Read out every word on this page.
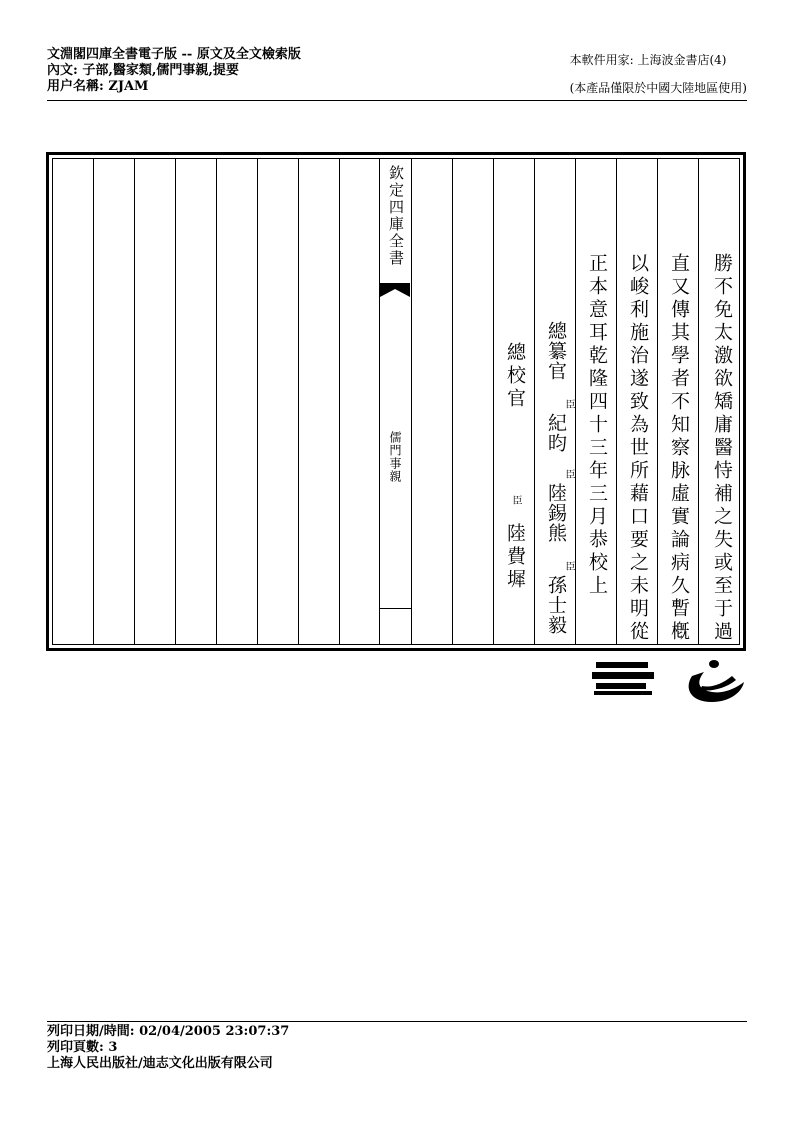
文淵閣四庫全書電子版 -- 原文及全文檢索版
內文: 子部,醫家類,儒門事親,提要
用户名稱: ZJAM
本軟件用家: 上海波金書店(4)
(本產品僅限於中國大陸地區使用)
欽定四庫全書
儒門事親
總校官
臣
陸費墀
總纂官
臣
紀昀
臣
陸錫熊
臣
孫士毅
正本意耳乾隆四十三年三月恭校上	以峻利施治遂致為世所藉口要之未明從	直又傳其學者不知察脉虛實論病久暫槪	勝不免太激欲矯庸醫恃補之失或至于過
列印日期/時間: 02/04/2005 23:07:37
列印頁數: 3
上海人民出版社/迪志文化出版有限公司
